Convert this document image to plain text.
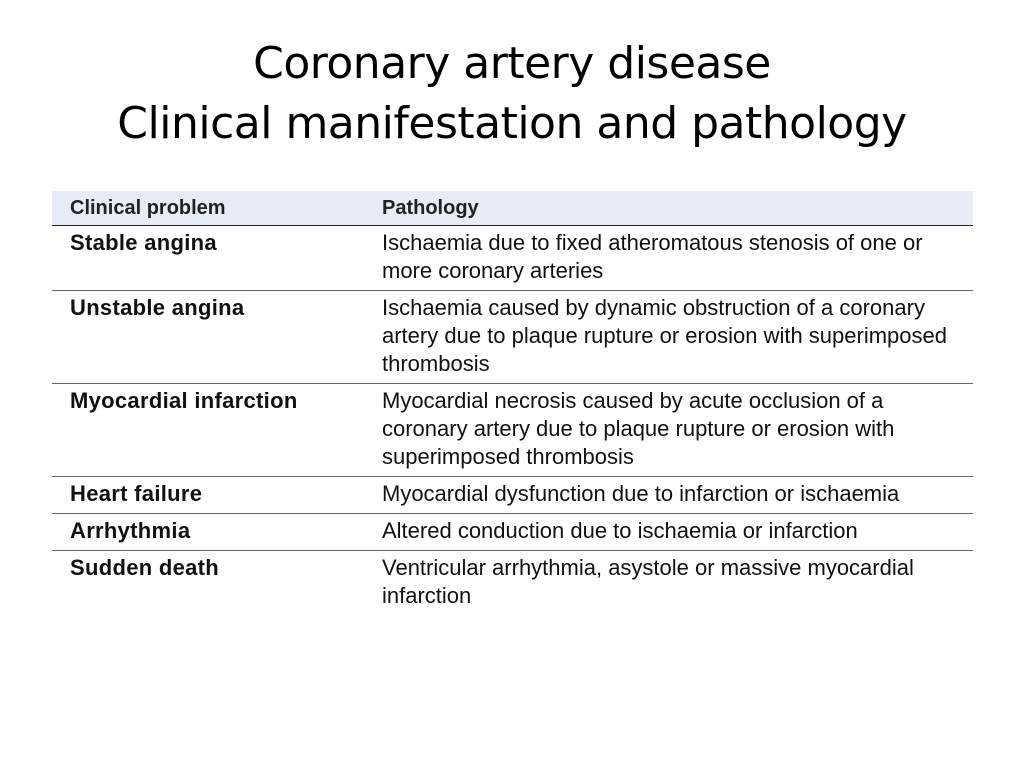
Coronary artery disease
Clinical manifestation and pathology
Clinical problem	Pathology
Stable angina	Ischaemia due to fixed atheromatous stenosis of one or more coronary arteries
Unstable angina	Ischaemia caused by dynamic obstruction of a coronary artery due to plaque rupture or erosion with superimposed thrombosis
Myocardial infarction	Myocardial necrosis caused by acute occlusion of a coronary artery due to plaque rupture or erosion with superimposed thrombosis
Heart failure	Myocardial dysfunction due to infarction or ischaemia
Arrhythmia	Altered conduction due to ischaemia or infarction
Sudden death	Ventricular arrhythmia, asystole or massive myocardial infarction
